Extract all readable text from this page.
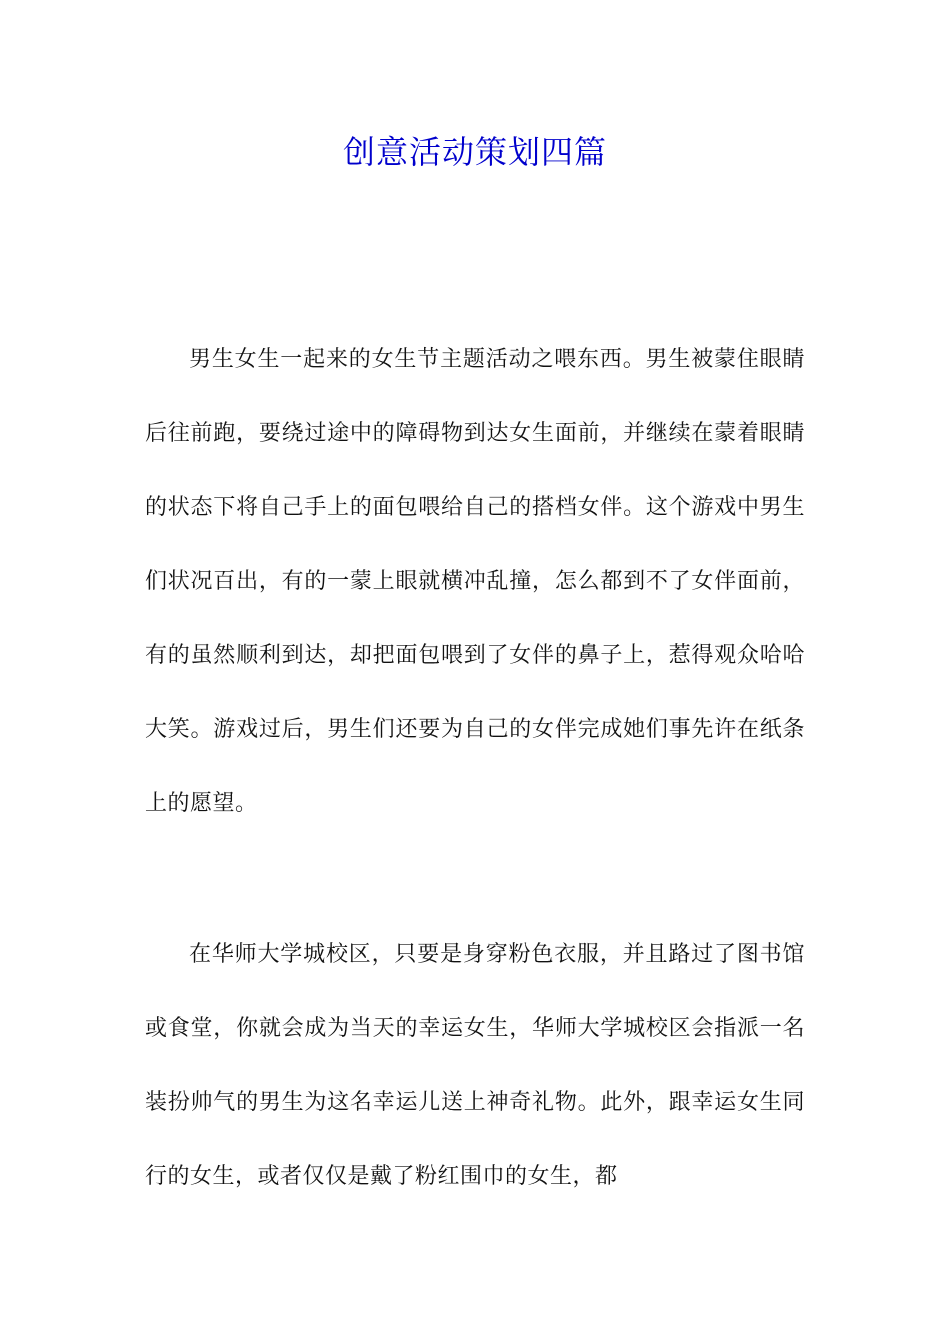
创意活动策划四篇

男生女生一起来的女生节主题活动之喂东西。男生被蒙住眼睛后往前跑，要绕过途中的障碍物到达女生面前，并继续在蒙着眼睛的状态下将自己手上的面包喂给自己的搭档女伴。这个游戏中男生们状况百出，有的一蒙上眼就横冲乱撞，怎么都到不了女伴面前，有的虽然顺利到达，却把面包喂到了女伴的鼻子上，惹得观众哈哈大笑。游戏过后，男生们还要为自己的女伴完成她们事先许在纸条上的愿望。

在华师大学城校区，只要是身穿粉色衣服，并且路过了图书馆或食堂，你就会成为当天的幸运女生，华师大学城校区会指派一名装扮帅气的男生为这名幸运儿送上神奇礼物。此外，跟幸运女生同行的女生，或者仅仅是戴了粉红围巾的女生，都
